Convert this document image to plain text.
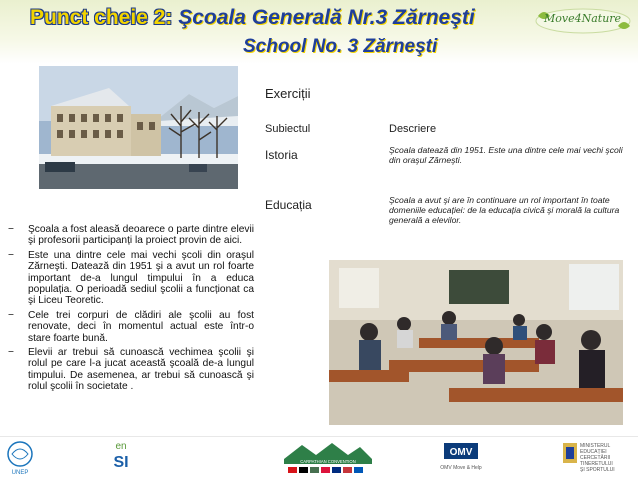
Punct cheie 2: Şcoala Generală Nr.3 Zărneşti
School No. 3 Zărneşti
Move4Nature
Exerciții
Subiectul	Descriere
Istoria	Şcoala datează din 1951. Este una dintre cele mai vechi şcoli din oraşul Zărneşti.
Educația	Şcoala a avut şi are în continuare un rol important în toate domeniile educației: de la educația civică şi morală la cultura generală a elevilor.
− Şcoala a fost aleasă deoarece o parte dintre elevii şi profesorii participanți la proiect provin de aici.
− Este una dintre cele mai vechi şcoli din oraşul Zărneşti. Datează din 1951 şi a avut un rol foarte important de-a lungul timpului în a educa populația. O perioadă sediul şcolii a funcționat ca şi Liceu Teoretic.
− Cele trei corpuri de clădiri ale şcolii au fost renovate, deci în momentul actual este într-o stare foarte bună.
− Elevii ar trebui să cunoască vechimea şcolii şi rolul pe care l-a jucat această şcoală de-a lungul timpului. De asemenea, ar trebui să cunoască şi rolul şcolii în societate .
UNEP
en
SI	CARPATHIAN CONVENTION
OMV
OMV Move & Help
MINISTERUL
EDUCAȚIEI
CERCETĂRII
TINERETULUI
ŞI SPORTULUI
